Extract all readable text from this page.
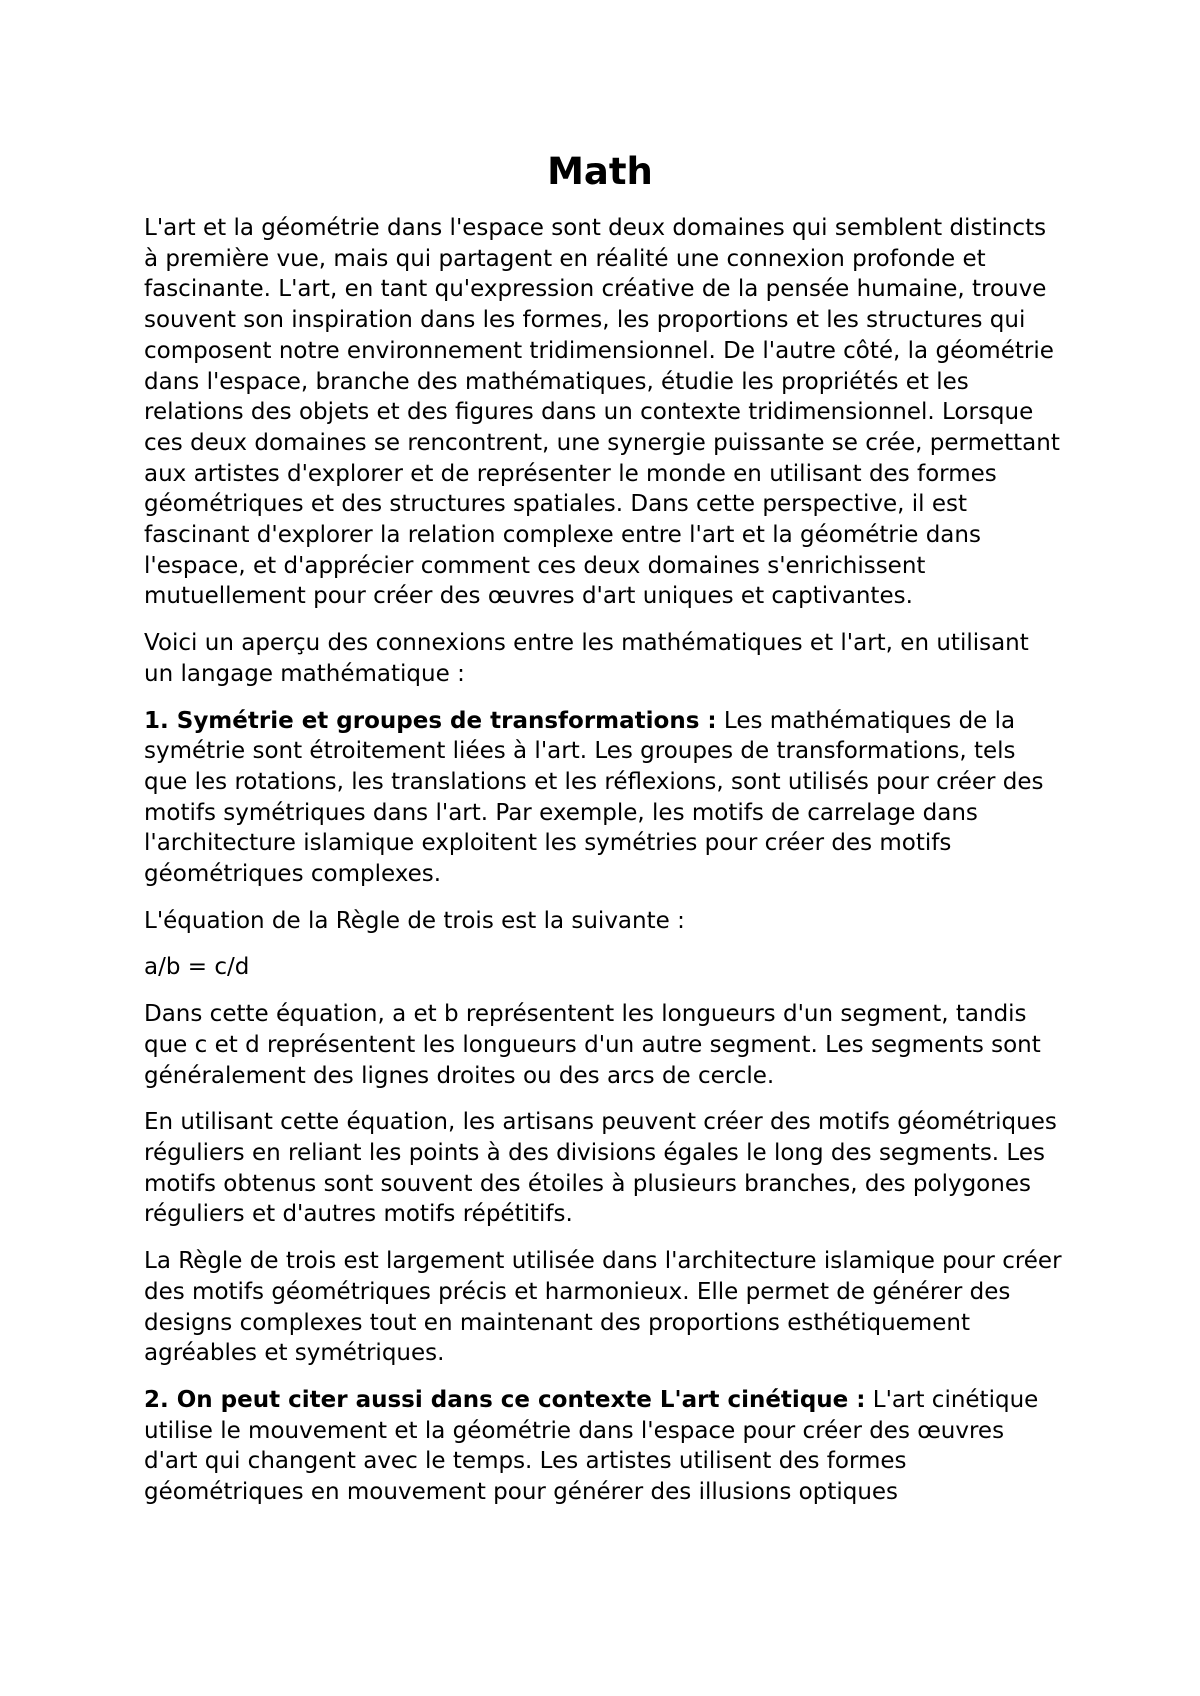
Math

L'art et la géométrie dans l'espace sont deux domaines qui semblent distincts à première vue, mais qui partagent en réalité une connexion profonde et fascinante. L'art, en tant qu'expression créative de la pensée humaine, trouve souvent son inspiration dans les formes, les proportions et les structures qui composent notre environnement tridimensionnel. De l'autre côté, la géométrie dans l'espace, branche des mathématiques, étudie les propriétés et les relations des objets et des figures dans un contexte tridimensionnel. Lorsque ces deux domaines se rencontrent, une synergie puissante se crée, permettant aux artistes d'explorer et de représenter le monde en utilisant des formes géométriques et des structures spatiales. Dans cette perspective, il est fascinant d'explorer la relation complexe entre l'art et la géométrie dans l'espace, et d'apprécier comment ces deux domaines s'enrichissent mutuellement pour créer des œuvres d'art uniques et captivantes.

Voici un aperçu des connexions entre les mathématiques et l'art, en utilisant un langage mathématique :

1. Symétrie et groupes de transformations : Les mathématiques de la symétrie sont étroitement liées à l'art. Les groupes de transformations, tels que les rotations, les translations et les réflexions, sont utilisés pour créer des motifs symétriques dans l'art. Par exemple, les motifs de carrelage dans l'architecture islamique exploitent les symétries pour créer des motifs géométriques complexes.

L'équation de la Règle de trois est la suivante :

a/b = c/d

Dans cette équation, a et b représentent les longueurs d'un segment, tandis que c et d représentent les longueurs d'un autre segment. Les segments sont généralement des lignes droites ou des arcs de cercle.

En utilisant cette équation, les artisans peuvent créer des motifs géométriques réguliers en reliant les points à des divisions égales le long des segments. Les motifs obtenus sont souvent des étoiles à plusieurs branches, des polygones réguliers et d'autres motifs répétitifs.

La Règle de trois est largement utilisée dans l'architecture islamique pour créer des motifs géométriques précis et harmonieux. Elle permet de générer des designs complexes tout en maintenant des proportions esthétiquement agréables et symétriques.

2. On peut citer aussi dans ce contexte L'art cinétique : L'art cinétique utilise le mouvement et la géométrie dans l'espace pour créer des œuvres d'art qui changent avec le temps. Les artistes utilisent des formes géométriques en mouvement pour générer des illusions optiques
